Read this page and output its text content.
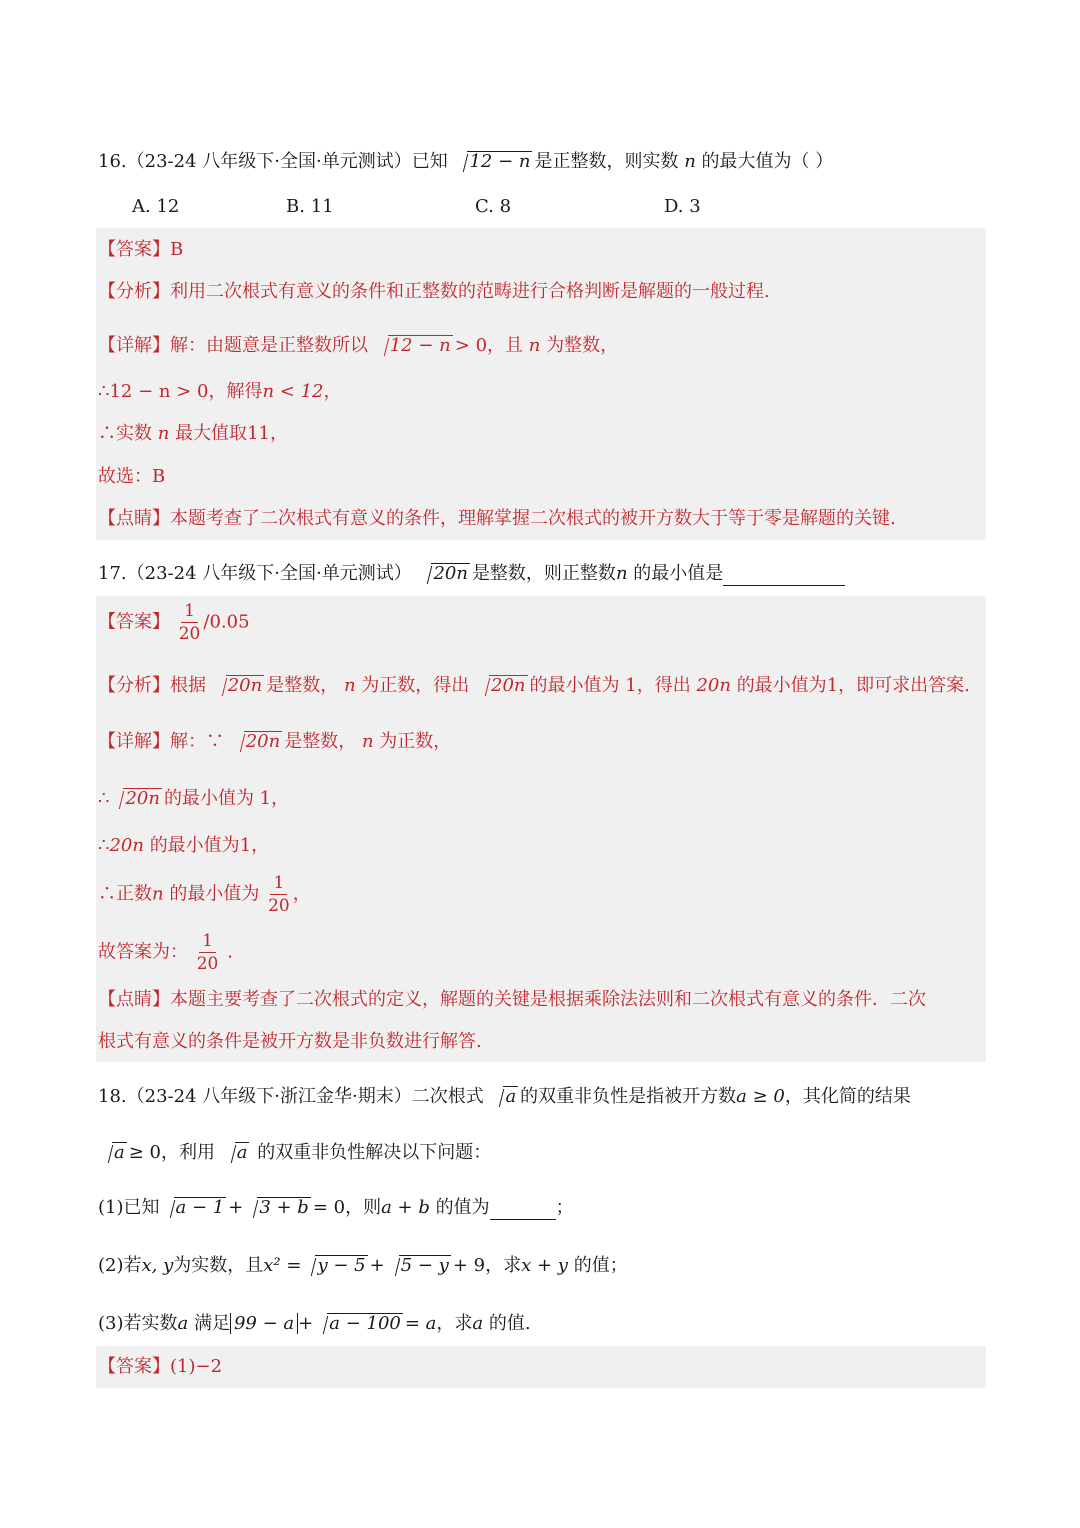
16.（23-24 八年级下·全国·单元测试）已知 12 − n 是正整数，则实数 n 的最大值为（ ）
A. 12	B. 11	C. 8	D. 3
【答案】B
【分析】利用二次根式有意义的条件和正整数的范畴进行合格判断是解题的一般过程.
【详解】解：由题意是正整数所以 12 − n > 0，且 n 为整数，
∴12 − n > 0，解得n < 12，
∴实数 n 最大值取11，
故选：B
【点睛】本题考查了二次根式有意义的条件，理解掌握二次根式的被开方数大于等于零是解题的关键.
17.（23-24 八年级下·全国·单元测试） 20n 是整数，则正整数n 的最小值是
【答案】 $\frac{1}{20} /0.05$
【分析】根据 20n 是整数， n 为正数，得出 20n 的最小值为 1，得出 20n 的最小值为1，即可求出答案.
【详解】解：∵ 20n 是整数， n 为正数，
∴ 20n 的最小值为 1，
∴20n 的最小值为1，
∴正数n 的最小值为 $\frac{1}{20}$ ，
故答案为： $\frac{1}{20}$ .
【点睛】本题主要考查了二次根式的定义，解题的关键是根据乘除法法则和二次根式有意义的条件．二次
根式有意义的条件是被开方数是非负数进行解答.
18.（23-24 八年级下·浙江金华·期末）二次根式 a 的双重非负性是指被开方数a ≥ 0，其化简的结果
a ≥ 0，利用 a 的双重非负性解决以下问题：
(1)已知 a − 1 + 3 + b = 0，则a + b 的值为	；
(2)若x, y为实数，且x² = y − 5 + 5 − y + 9，求x + y 的值；
(3)若实数a 满足 99 − a + a − 100 = a，求a 的值.
【答案】(1)−2
